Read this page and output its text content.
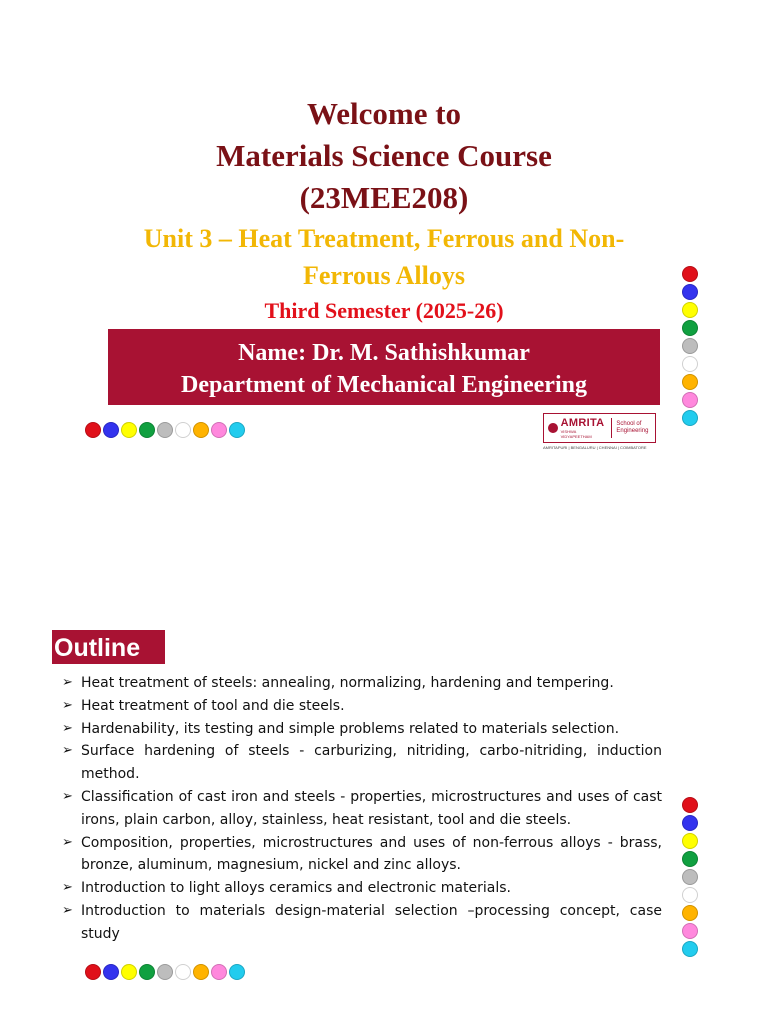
Welcome to
Materials Science Course
(23MEE208)
Unit 3 – Heat Treatment, Ferrous and Non-
Ferrous Alloys
Third Semester (2025-26)
Name: Dr. M. Sathishkumar
Department of Mechanical Engineering
AMRITA
VISHWA VIDYAPEETHAM
School of Engineering
AMRITAPURI | BENGALURU | CHENNAI | COIMBATORE
Outline
➢ Heat treatment of steels: annealing, normalizing, hardening and tempering.
➢ Heat treatment of tool and die steels.
➢ Hardenability, its testing and simple problems related to materials selection.
➢ Surface hardening of steels - carburizing, nitriding, carbo-nitriding, induction method.
➢ Classification of cast iron and steels - properties, microstructures and uses of cast irons, plain carbon, alloy, stainless, heat resistant, tool and die steels.
➢ Composition, properties, microstructures and uses of non-ferrous alloys - brass, bronze, aluminum, magnesium, nickel and zinc alloys.
➢ Introduction to light alloys ceramics and electronic materials.
➢ Introduction to materials design-material selection –processing concept, case study
